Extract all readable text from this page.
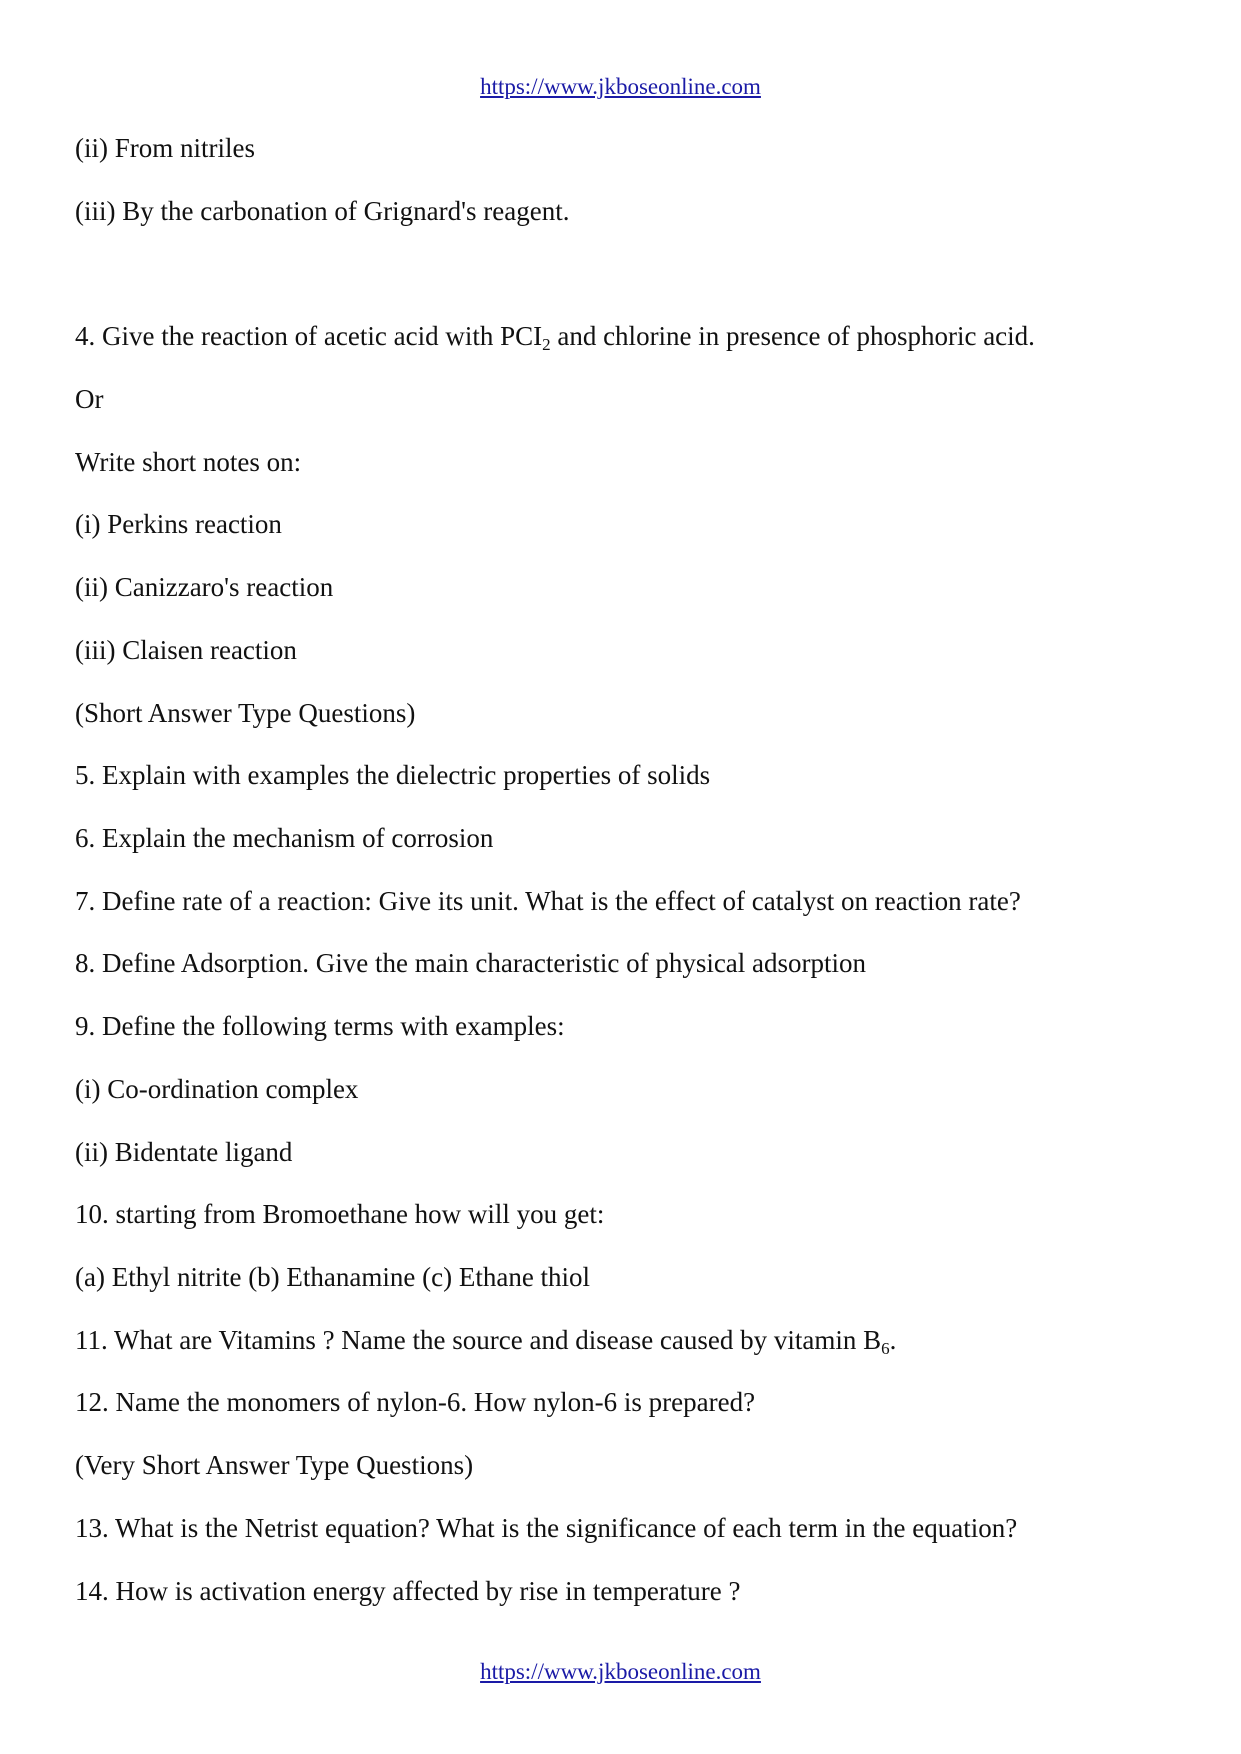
https://www.jkboseonline.com
(ii) From nitriles
(iii) By the carbonation of Grignard's reagent.
4. Give the reaction of acetic acid with $PCI_2$ and chlorine in presence of phosphoric acid.
Or
Write short notes on:
(i) Perkins reaction
(ii) Canizzaro's reaction
(iii) Claisen reaction
(Short Answer Type Questions)
5. Explain with examples the dielectric properties of solids
6. Explain the mechanism of corrosion
7. Define rate of a reaction: Give its unit. What is the effect of catalyst on reaction rate?
8. Define Adsorption. Give the main characteristic of physical adsorption
9. Define the following terms with examples:
(i) Co-ordination complex
(ii) Bidentate ligand
10. starting from Bromoethane how will you get:
(a) Ethyl nitrite (b) Ethanamine (c) Ethane thiol
11. What are Vitamins ? Name the source and disease caused by vitamin $B_6$.
12. Name the monomers of nylon-6. How nylon-6 is prepared?
(Very Short Answer Type Questions)
13. What is the Netrist equation? What is the significance of each term in the equation?
14. How is activation energy affected by rise in temperature ?
https://www.jkboseonline.com
